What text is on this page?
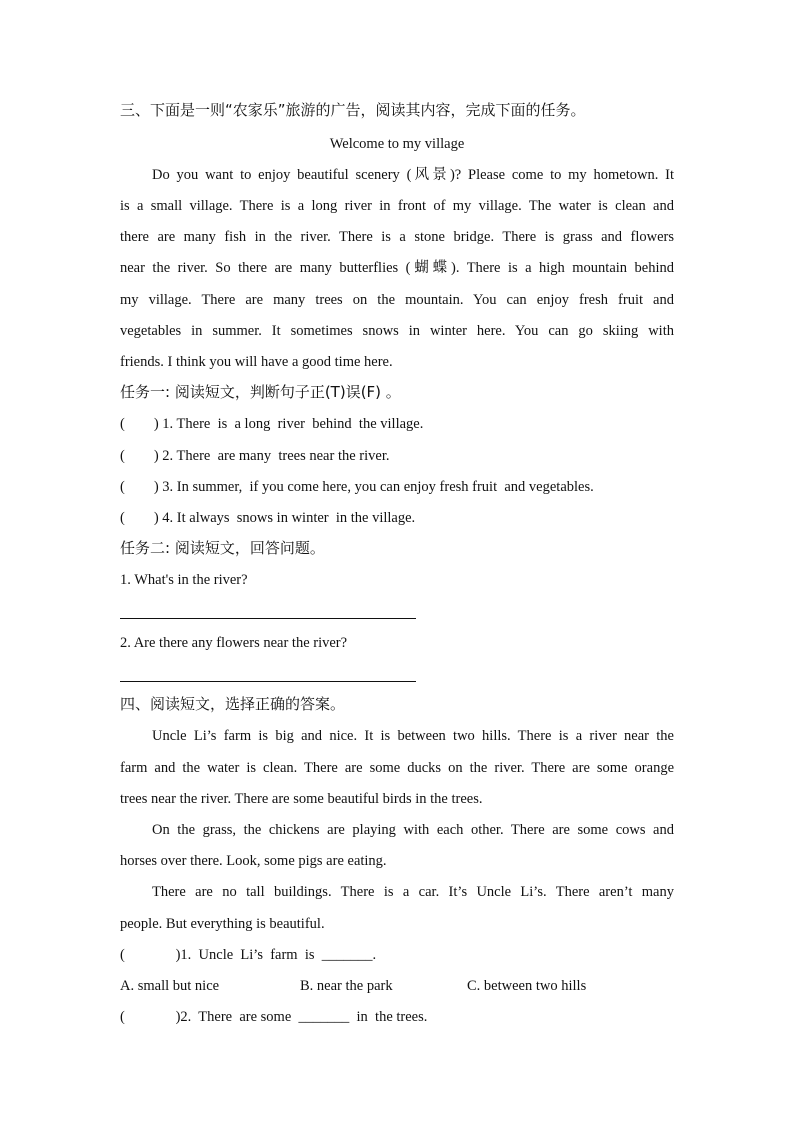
三、下面是一则“农家乐”旅游的广告，阅读其内容，完成下面的任务。
Welcome to my village
Do you want to enjoy beautiful scenery (风景)? Please come to my hometown. It
is a small village. There is a long river in front of my village. The water is clean and
there are many fish in the river. There is a stone bridge. There is grass and flowers
near the river. So there are many butterflies (蝴蝶). There is a high mountain behind
my village. There are many trees on the mountain. You can enjoy fresh fruit and
vegetables in summer. It sometimes snows in winter here. You can go skiing with
friends. I think you will have a good time here.
任务一: 阅读短文，判断句子正(T)误(F) 。
(        ) 1. There  is  a long  river  behind  the village.
(        ) 2. There  are many  trees near the river.
(        ) 3. In summer,  if you come here, you can enjoy fresh fruit  and vegetables.
(        ) 4. It always  snows in winter  in the village.
任务二: 阅读短文，回答问题。
1. What's in the river?
2. Are there any flowers near the river?
四、阅读短文，选择正确的答案。
Uncle Li’s farm is big and nice. It is between two hills. There is a river near the
farm and the water is clean. There are some ducks on the river. There are some orange
trees near the river. There are some beautiful birds in the trees.
On the grass, the chickens are playing with each other. There are some cows and
horses over there. Look, some pigs are eating.
There are no tall buildings. There is a car. It’s Uncle Li’s. There aren’t many
people. But everything is beautiful.
(              )1.  Uncle  Li’s  farm  is  _______.
A. small but nice	B. near the park	C. between two hills
(              )2.  There  are some  _______  in  the trees.
